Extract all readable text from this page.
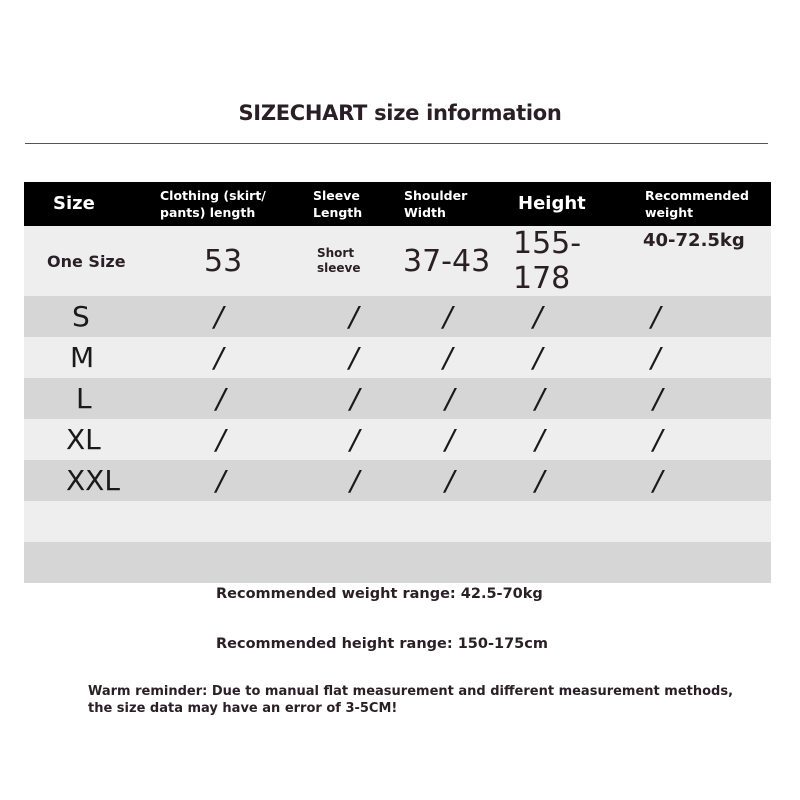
SIZECHART size information
Size	Clothing (skirt/ pants) length	Sleeve Length	Shoulder Width	Height	Recommended weight

One Size	53	Short sleeve	37-43	155-178	40-72.5kg
S	/	/	/	/	/
M	/	/	/	/	/
L	/	/	/	/	/
XL	/	/	/	/	/
XXL	/	/	/	/	/

Recommended weight range: 42.5-70kg
Recommended height range: 150-175cm
Warm reminder: Due to manual flat measurement and different measurement methods, the size data may have an error of 3-5CM!
